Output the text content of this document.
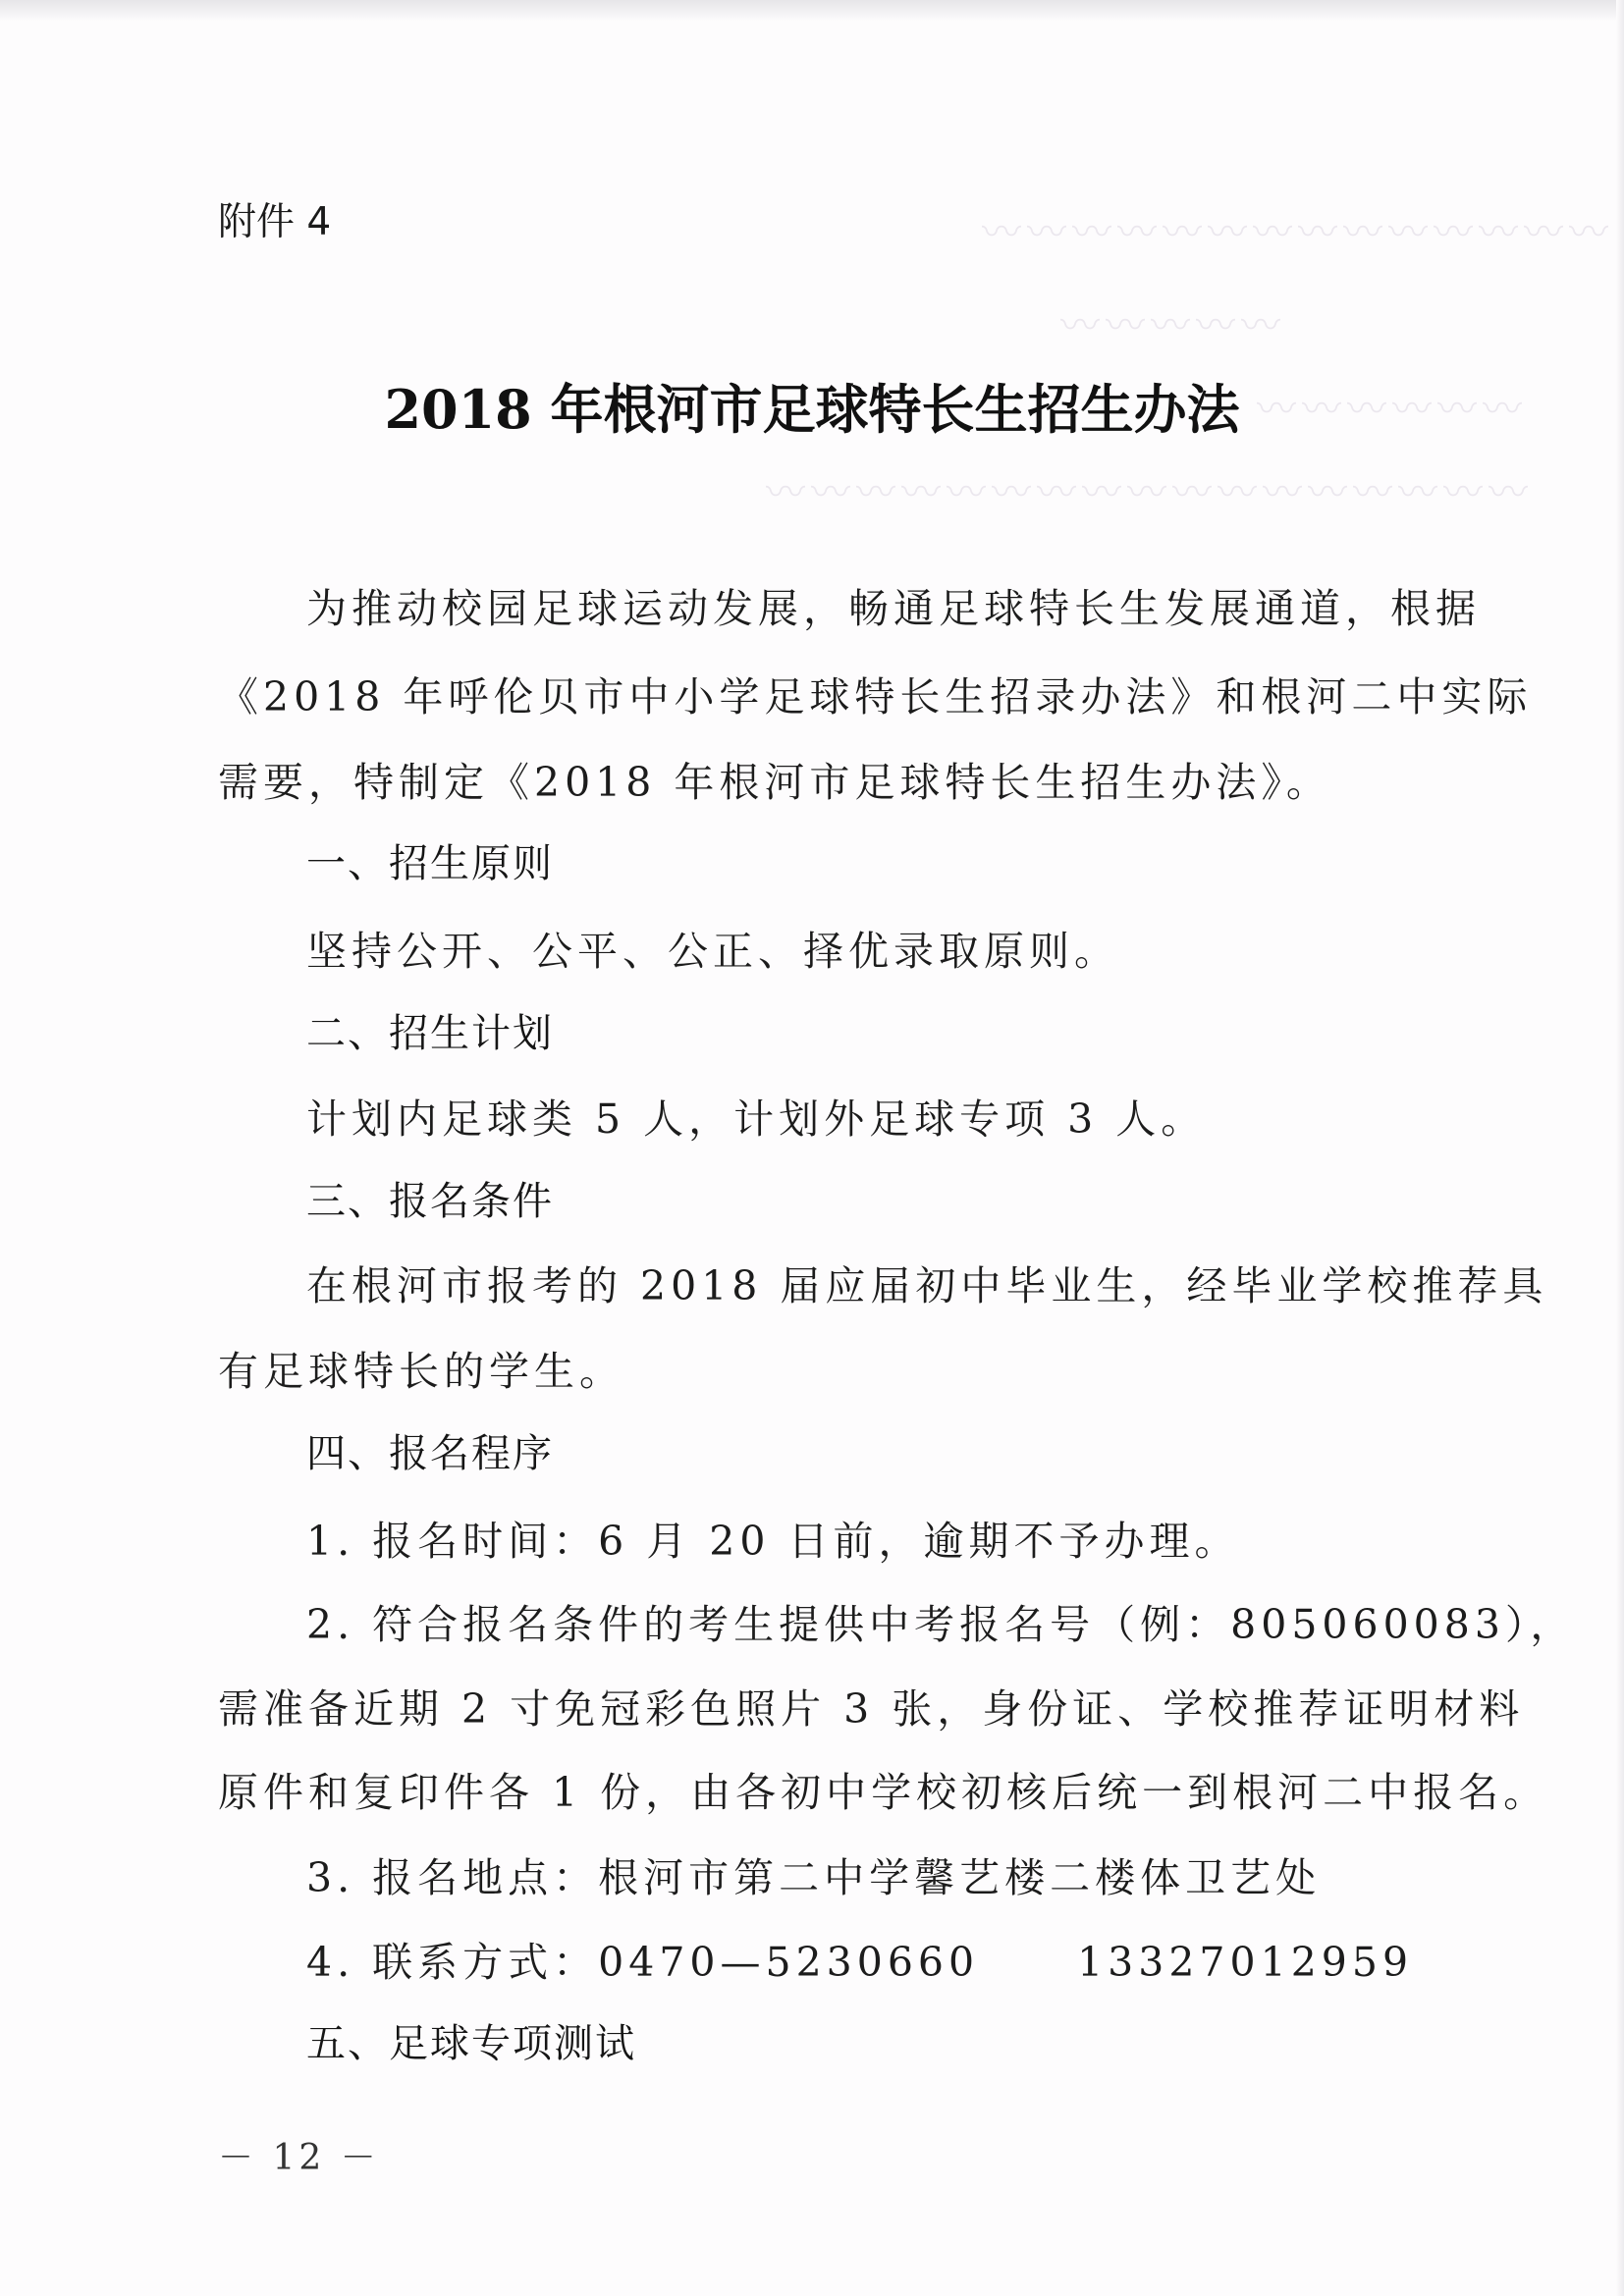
〰〰〰〰〰〰〰〰〰〰〰〰〰〰
〰〰〰〰〰
〰〰〰〰〰〰
〰〰〰〰〰〰〰〰〰〰〰〰〰〰〰〰〰
附件 4
2018 年根河市足球特长生招生办法
为推动校园足球运动发展，畅通足球特长生发展通道，根据
《2018 年呼伦贝市中小学足球特长生招录办法》和根河二中实际
需要，特制定《2018 年根河市足球特长生招生办法》。
一、招生原则
坚持公开、公平、公正、择优录取原则。
二、招生计划
计划内足球类 5 人，计划外足球专项 3 人。
三、报名条件
在根河市报考的 2018 届应届初中毕业生，经毕业学校推荐具
有足球特长的学生。
四、报名程序
1. 报名时间：6 月 20 日前，逾期不予办理。
2. 符合报名条件的考生提供中考报名号（例：805060083），
需准备近期 2 寸免冠彩色照片 3 张，身份证、学校推荐证明材料
原件和复印件各 1 份，由各初中学校初核后统一到根河二中报名。
3. 报名地点：根河市第二中学馨艺楼二楼体卫艺处
4. 联系方式：0470—5230660 13327012959
五、足球专项测试
－ 12 －
